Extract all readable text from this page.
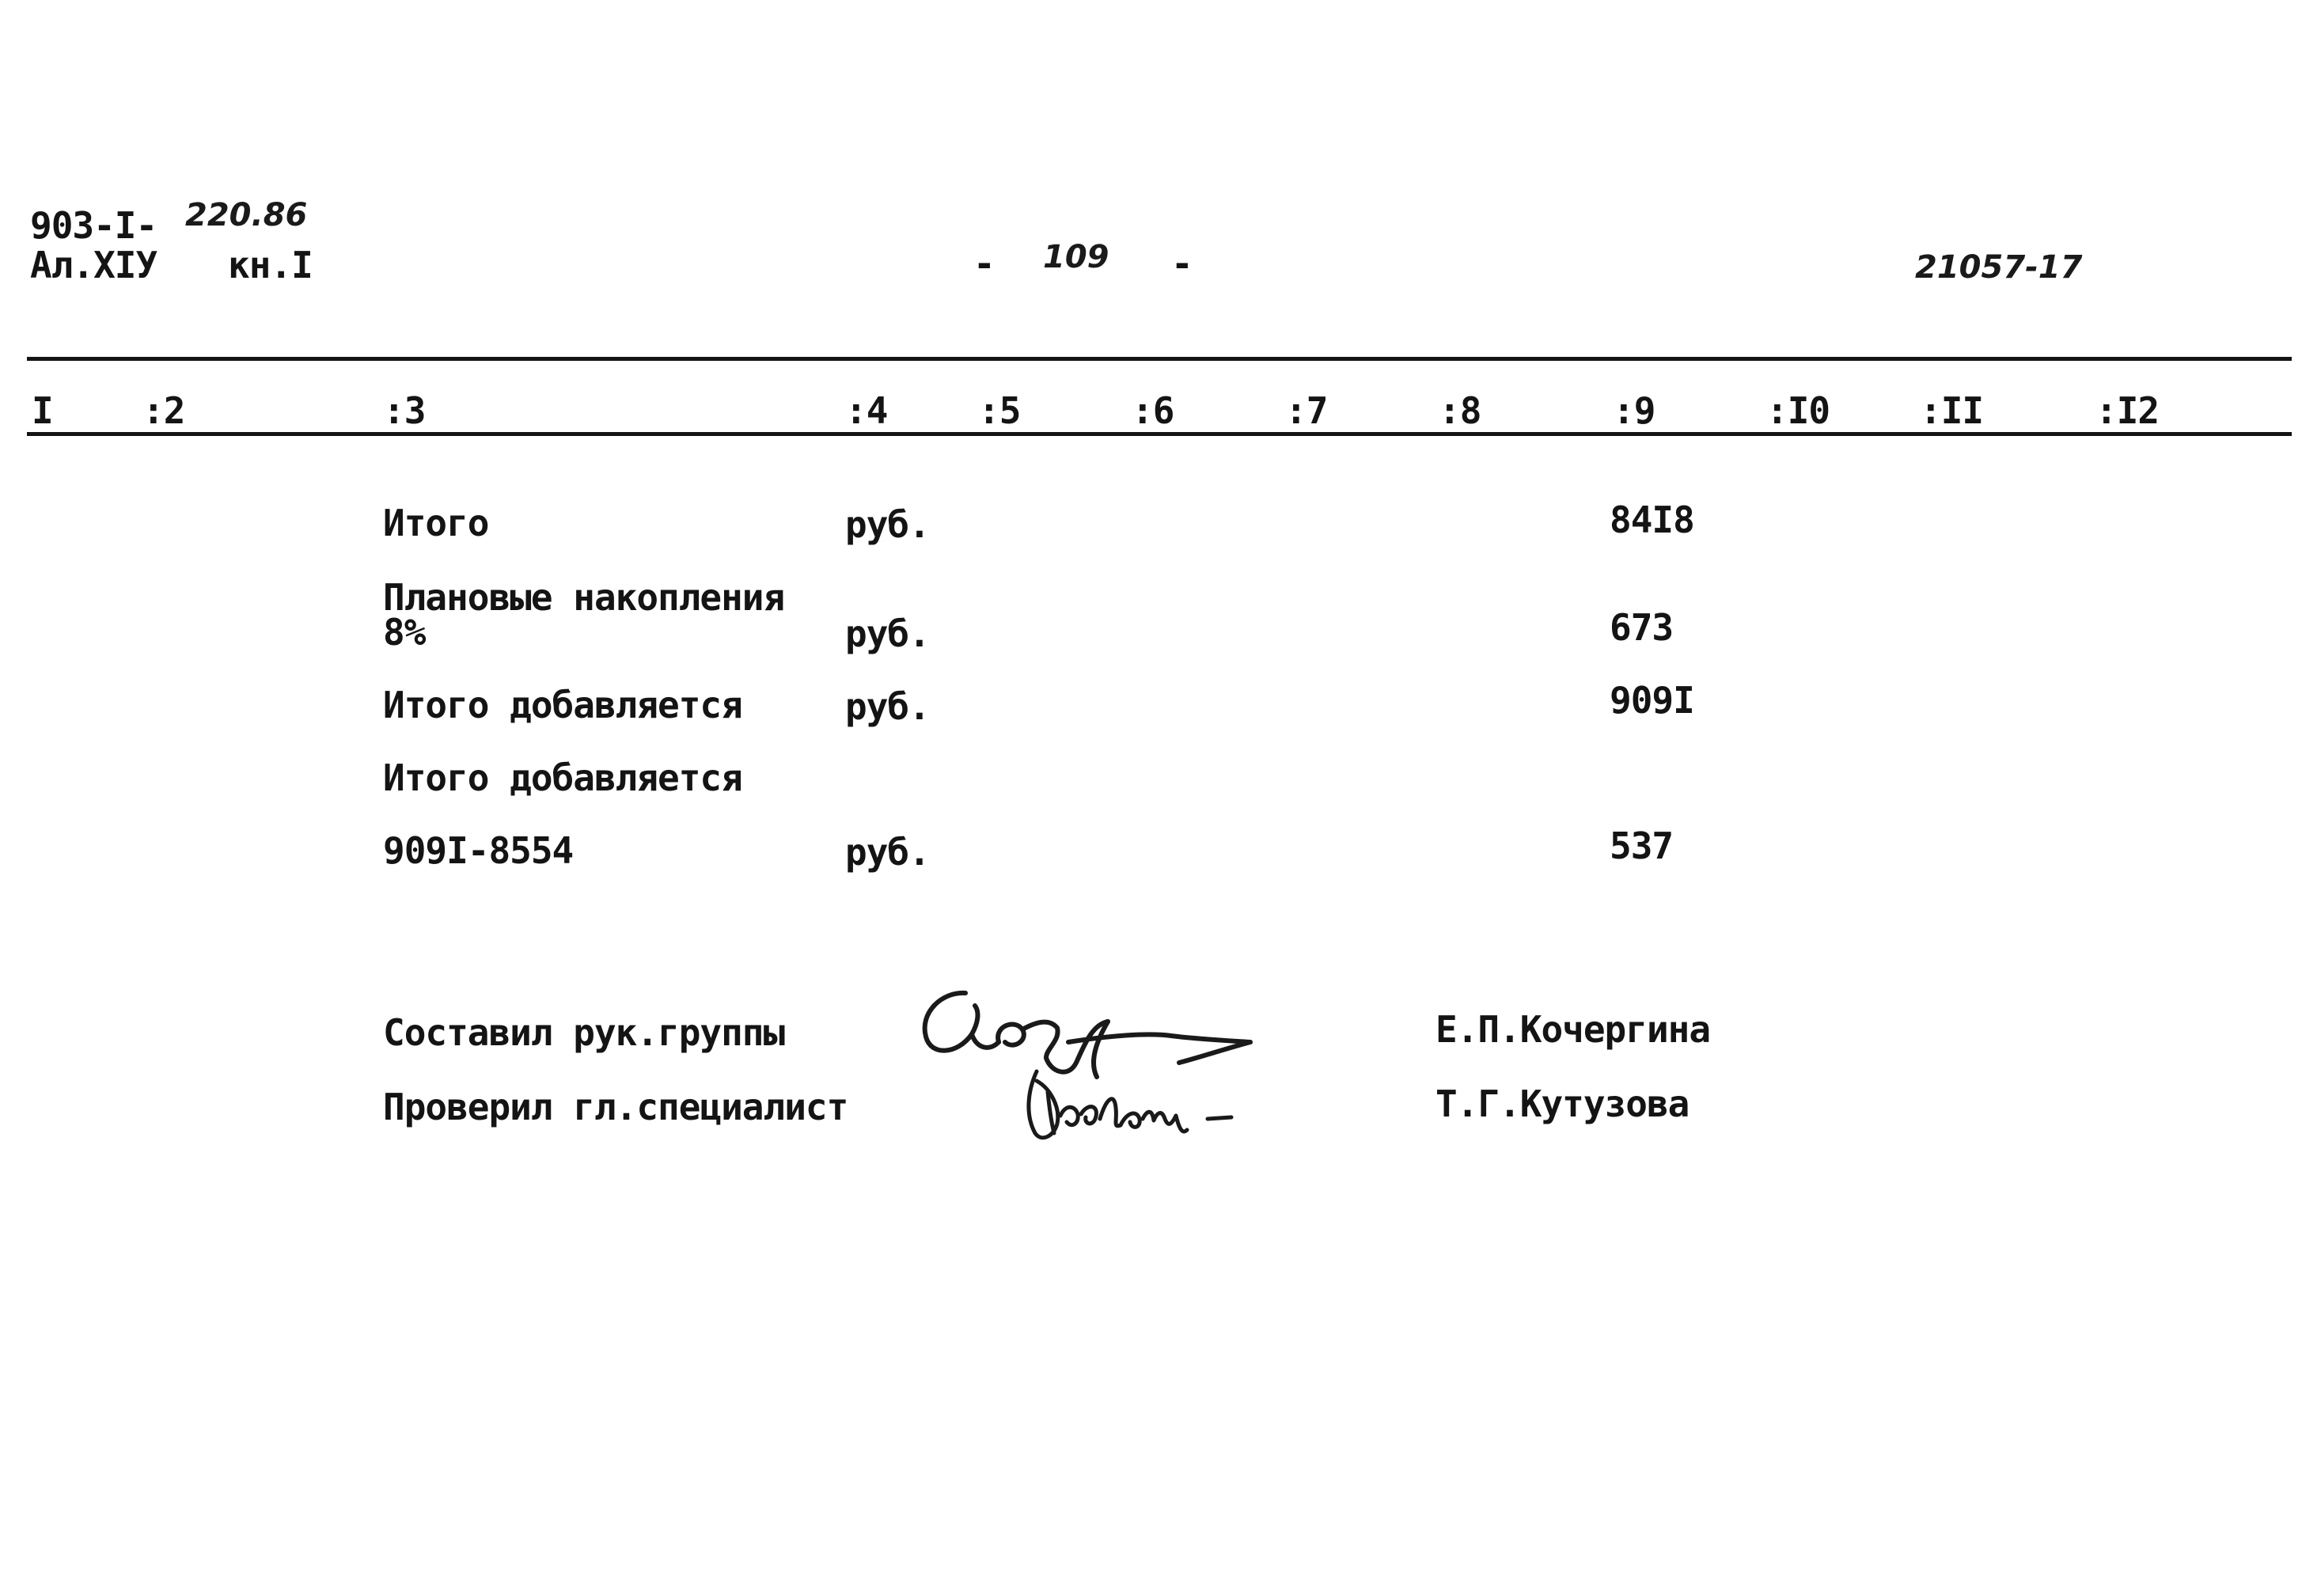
903-I- 220.86
Ал.XIУ кн.I	- 109 -	21057-17
I :2	:3	:4 :5	:6	:7	:8	:9	:I0 :II	:I2
Итого	руб.	84I8
Плановые накопления
8%	руб.	673
Итого добавляется	руб.	909I
Итого добавляется
909I-8554	руб.	537
Составил рук.группы	Е.П.Кочергина
Проверил гл.специалист	Т.Г.Кутузова
